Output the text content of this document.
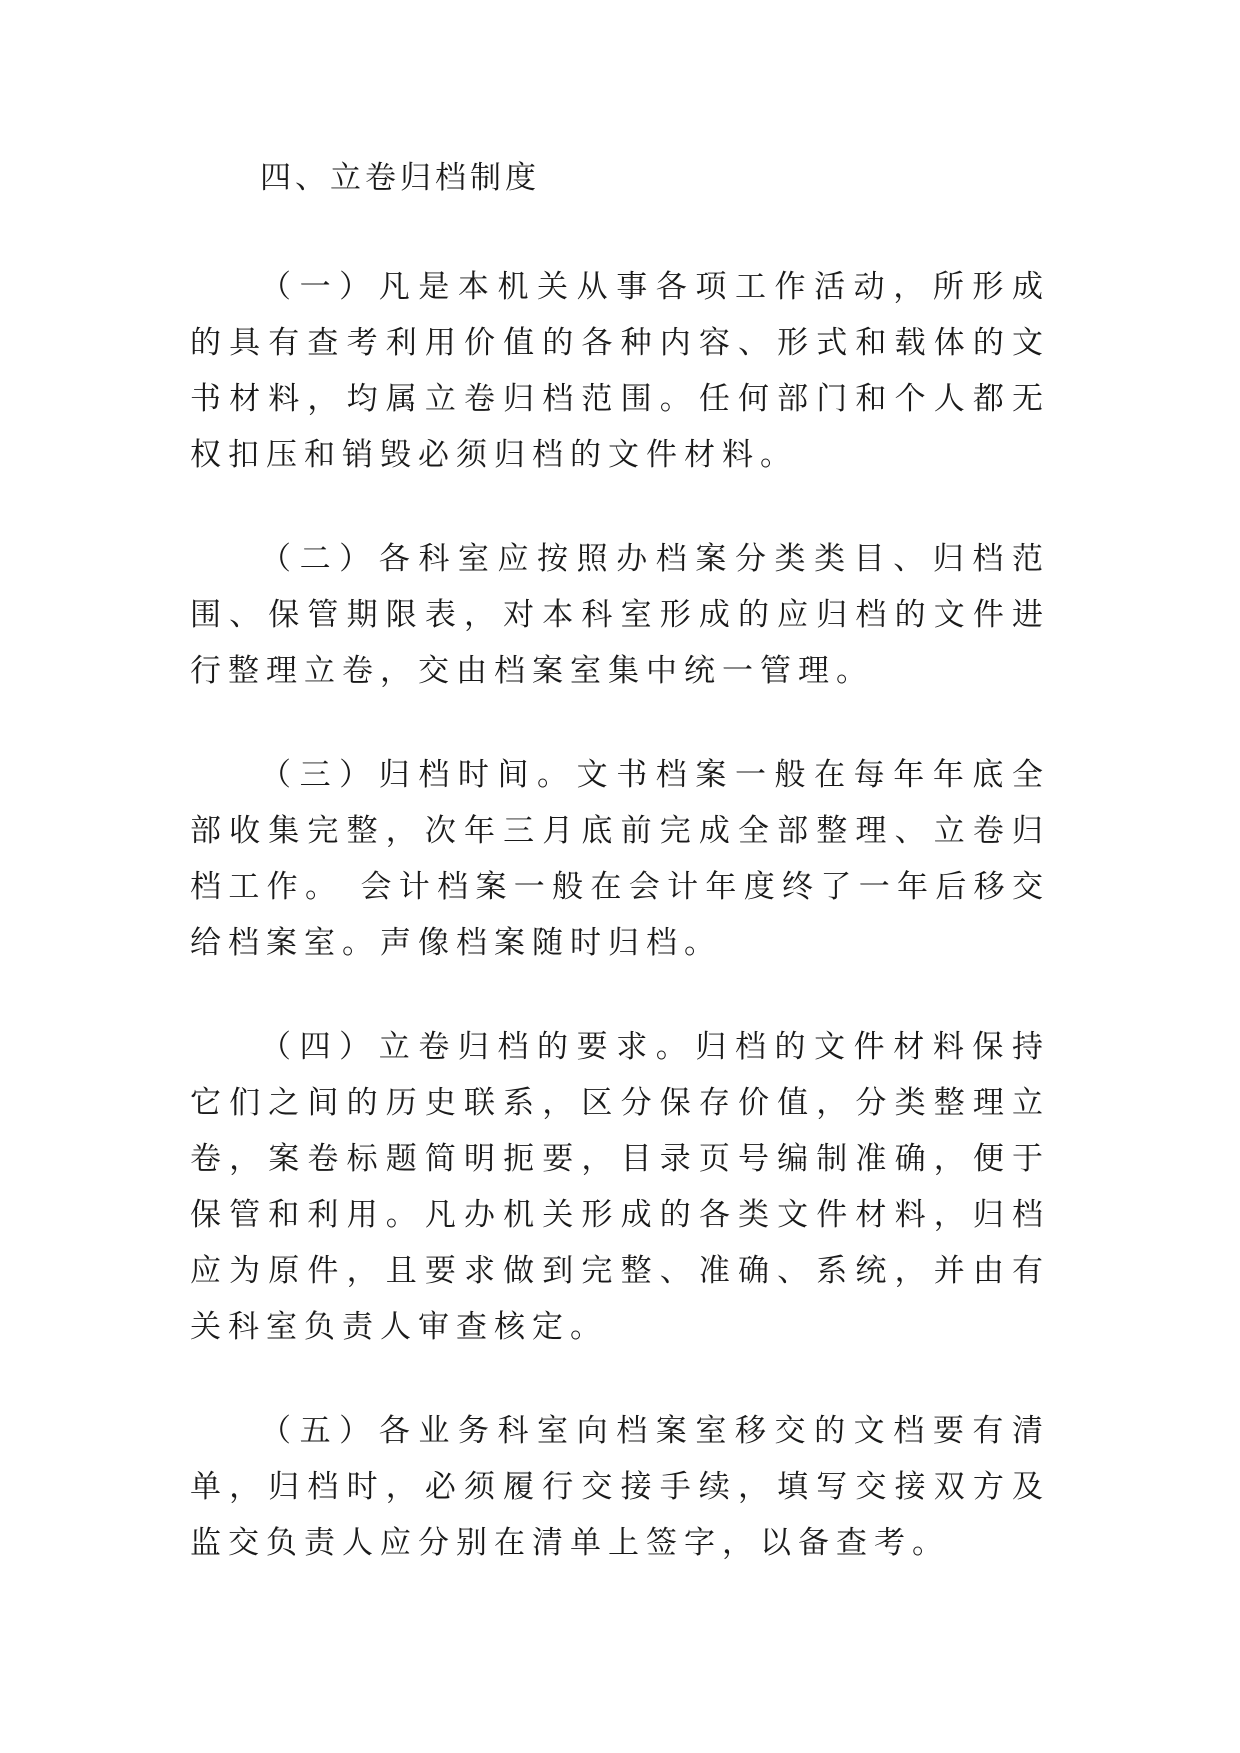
四、立卷归档制度

（一）凡是本机关从事各项工作活动，所形成的具有查考利用价值的各种内容、形式和载体的文书材料，均属立卷归档范围。任何部门和个人都无权扣压和销毁必须归档的文件材料。

（二）各科室应按照办档案分类类目、归档范围、保管期限表，对本科室形成的应归档的文件进行整理立卷，交由档案室集中统一管理。

（三）归档时间。文书档案一般在每年年底全部收集完整，次年三月底前完成全部整理、立卷归档工作。 会计档案一般在会计年度终了一年后移交给档案室。声像档案随时归档。

（四）立卷归档的要求。归档的文件材料保持它们之间的历史联系，区分保存价值，分类整理立卷，案卷标题简明扼要，目录页号编制准确，便于保管和利用。凡办机关形成的各类文件材料，归档应为原件，且要求做到完整、准确、系统，并由有关科室负责人审查核定。

（五）各业务科室向档案室移交的文档要有清单，归档时，必须履行交接手续，填写交接双方及监交负责人应分别在清单上签字，以备查考。
